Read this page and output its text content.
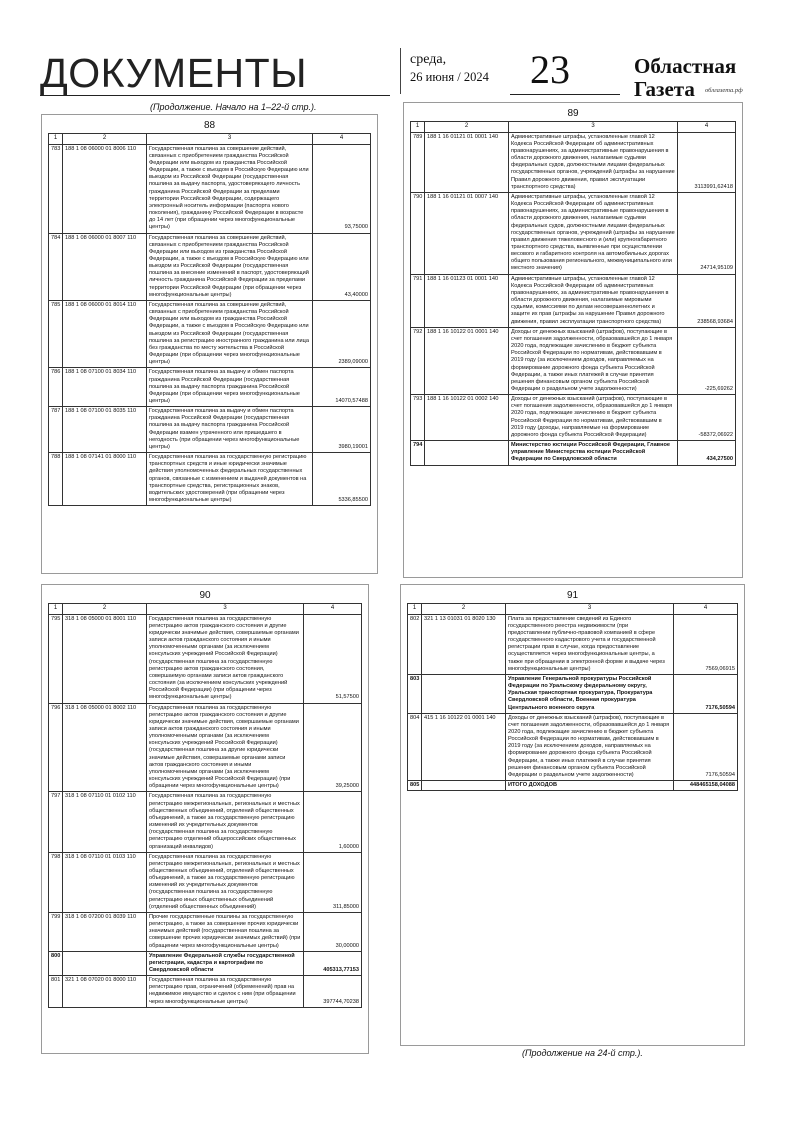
ДОКУМЕНТЫ	среда,
26 июня / 2024 23	Областная
Газета облгазета.рф
(Продолжение. Начало на 1–22-й стр.).
88
1	2	3	4
783	188 1 08 06000 01 8006 110	Государственная пошлина за совершение действий, связанных с приобретением гражданства Российской Федерации или выходом из гражданства Российской Федерации, а также с въездом в Российскую Федерацию или выездом из Российской Федерации (государственная пошлина за выдачу паспорта, удостоверяющего личность гражданина Российской Федерации за пределами территории Российской Федерации, содержащего электронный носитель информации (паспорта нового поколения), гражданину Российской Федерации в возрасте до 14 лет (при обращении через многофункциональные центры)	93,75000
784	188 1 08 06000 01 8007 110	Государственная пошлина за совершение действий, связанных с приобретением гражданства Российской Федерации или выходом из гражданства Российской Федерации, а также с въездом в Российскую Федерацию или выездом из Российской Федерации (государственная пошлина за внесение изменений в паспорт, удостоверяющий личность гражданина Российской Федерации за пределами территории Российской Федерации (при обращении через многофункциональные центры)	43,40000
785	188 1 08 06000 01 8014 110	Государственная пошлина за совершение действий, связанных с приобретением гражданства Российской Федерации или выходом из гражданства Российской Федерации, а также с въездом в Российскую Федерацию или выездом из Российской Федерации (государственная пошлина за регистрацию иностранного гражданина или лица без гражданства по месту жительства в Российской Федерации (при обращении через многофункциональные центры)	2389,09000
786	188 1 08 07100 01 8034 110	Государственная пошлина за выдачу и обмен паспорта гражданина Российской Федерации (государственная пошлина за выдачу паспорта гражданина Российской Федерации (при обращении через многофункциональные центры)	14070,57488
787	188 1 08 07100 01 8035 110	Государственная пошлина за выдачу и обмен паспорта гражданина Российской Федерации (государственная пошлина за выдачу паспорта гражданина Российской Федерации взамен утраченного или пришедшего в негодность (при обращении через многофункциональные центры)	3980,19001
788	188 1 08 07141 01 8000 110	Государственная пошлина за государственную регистрацию транспортных средств и иные юридически значимые действия уполномоченных федеральных государственных органов, связанные с изменением и выдачей документов на транспортные средства, регистрационных знаков, водительских удостоверений (при обращении через многофункциональные центры)	5336,85500
89
1	2	3	4
789	188 1 16 01121 01 0001 140	Административные штрафы, установленные главой 12 Кодекса Российской Федерации об административных правонарушениях, за административные правонарушения в области дорожного движения, налагаемые судьями федеральных судов, должностными лицами федеральных государственных органов, учреждений (штрафы за нарушение Правил дорожного движения, правил эксплуатации транспортного средства)	3113991,62418
790	188 1 16 01121 01 0007 140	Административные штрафы, установленные главой 12 Кодекса Российской Федерации об административных правонарушениях, за административные правонарушения в области дорожного движения, налагаемые судьями федеральных судов, должностными лицами федеральных государственных органов, учреждений (штрафы за нарушение правил движения тяжеловесного и (или) крупногабаритного транспортного средства, выявленные при осуществлении весового и габаритного контроля на автомобильных дорогах общего пользования регионального, межмуниципального или местного значения)	24714,95109
791	188 1 16 01123 01 0001 140	Административные штрафы, установленные главой 12 Кодекса Российской Федерации об административных правонарушениях, за административные правонарушения в области дорожного движения, налагаемые мировыми судьями, комиссиями по делам несовершеннолетних и защите их прав (штрафы за нарушение Правил дорожного движения, правил эксплуатации транспортного средства)	238568,93684
792	188 1 16 10122 01 0001 140	Доходы от денежных взысканий (штрафов), поступающие в счет погашения задолженности, образовавшейся до 1 января 2020 года, подлежащие зачислению в бюджет субъекта Российской Федерации по нормативам, действовавшим в 2019 году (за исключением доходов, направляемых на формирование дорожного фонда субъекта Российской Федерации, а также иных платежей в случае принятия решения финансовым органом субъекта Российской Федерации о раздельном учете задолженности)	-225,69262
793	188 1 16 10122 01 0002 140	Доходы от денежных взысканий (штрафов), поступающие в счет погашения задолженности, образовавшейся до 1 января 2020 года, подлежащие зачислению в бюджет субъекта Российской Федерации по нормативам, действовавшим в 2019 году (доходы, направляемые на формирование дорожного фонда субъекта Российской Федерации)	-58372,06922
794		Министерство юстиции Российской Федерации, Главное управление Министерства юстиции Российской Федерации по Свердловской области	434,27500
90
1	2	3	4
795	318 1 08 05000 01 8001 110	Государственная пошлина за государственную регистрацию актов гражданского состояния и другие юридически значимые действия, совершаемые органами записи актов гражданского состояния и иными уполномоченными органами (за исключением консульских учреждений Российской Федерации) (государственная пошлина за государственную регистрацию актов гражданского состояния, совершаемую органами записи актов гражданского состояния (за исключением консульских учреждений Российской Федерации) (при обращении через многофункциональные центры)	51,57500
796	318 1 08 05000 01 8002 110	Государственная пошлина за государственную регистрацию актов гражданского состояния и другие юридически значимые действия, совершаемые органами записи актов гражданского состояния и иными уполномоченными органами (за исключением консульских учреждений Российской Федерации) (государственная пошлина за другие юридически значимые действия, совершаемые органами записи актов гражданского состояния и иными уполномоченными органами (за исключением консульских учреждений Российской Федерации) (при обращении через многофункциональные центры)	39,25000
797	318 1 08 07110 01 0102 110	Государственная пошлина за государственную регистрацию межрегиональных, региональных и местных общественных объединений, отделений общественных объединений, а также за государственную регистрацию изменений их учредительных документов (государственная пошлина за государственную регистрацию отделений общероссийских общественных организаций инвалидов)	1,60000
798	318 1 08 07110 01 0103 110	Государственная пошлина за государственную регистрацию межрегиональных, региональных и местных общественных объединений, отделений общественных объединений, а также за государственную регистрацию изменений их учредительных документов (государственная пошлина за государственную регистрацию иных общественных объединений (отделений общественных объединений)	311,85000
799	318 1 08 07200 01 8039 110	Прочие государственные пошлины за государственную регистрацию, а также за совершение прочих юридически значимых действий (государственная пошлина за совершение прочих юридически значимых действий) (при обращении через многофункциональные центры)	30,00000
800		Управление Федеральной службы государственной регистрации, кадастра и картографии по Свердловской области	405313,77153
801	321 1 08 07020 01 8000 110	Государственная пошлина за государственную регистрацию прав, ограничений (обременений) прав на недвижимое имущество и сделок с ним (при обращении через многофункциональные центры)	397744,70238
91
1	2	3	4
802	321 1 13 01031 01 8020 130	Плата за предоставление сведений из Единого государственного реестра недвижимости (при предоставлении публично-правовой компанией в сфере государственного кадастрового учета и государственной регистрации прав в случае, когда предоставление осуществляется через многофункциональные центры, а также при обращении в электронной форме и выдаче через многофункциональные центры)	7569,06915
803		Управление Генеральной прокуратуры Российской Федерации по Уральскому федеральному округу, Уральская транспортная прокуратура, Прокуратура Свердловской области, Военная прокуратура Центрального военного округа	7176,50594
804	415 1 16 10122 01 0001 140	Доходы от денежных взысканий (штрафов), поступающие в счет погашения задолженности, образовавшейся до 1 января 2020 года, подлежащие зачислению в бюджет субъекта Российской Федерации по нормативам, действовавшим в 2019 году (за исключением доходов, направляемых на формирование дорожного фонда субъекта Российской Федерации, а также иных платежей в случае принятия решения финансовым органом субъекта Российской Федерации о раздельном учете задолженности)	7176,50594
805		ИТОГО ДОХОДОВ	448465158,04088
(Продолжение на 24-й стр.).
